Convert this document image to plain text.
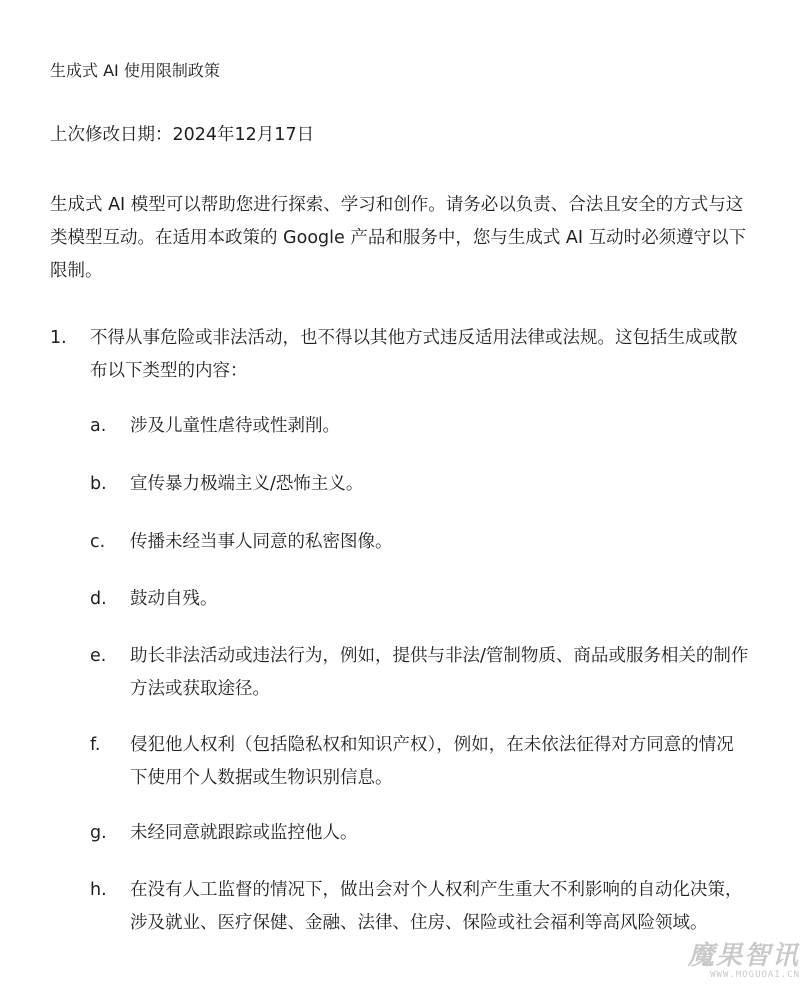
生成式 AI 使用限制政策
上次修改日期：2024年12月17日
生成式 AI 模型可以帮助您进行探索、学习和创作。请务必以负责、合法且安全的方式与这类模型互动。在适用本政策的 Google 产品和服务中，您与生成式 AI 互动时必须遵守以下限制。
1. 不得从事危险或非法活动，也不得以其他方式违反适用法律或法规。这包括生成或散布以下类型的内容：
a.	涉及儿童性虐待或性剥削。
b.	宣传暴力极端主义/恐怖主义。
c.	传播未经当事人同意的私密图像。
d.	鼓动自残。
e.	助长非法活动或违法行为，例如，提供与非法/管制物质、商品或服务相关的制作方法或获取途径。
f.	侵犯他人权利（包括隐私权和知识产权），例如，在未依法征得对方同意的情况下使用个人数据或生物识别信息。
g.	未经同意就跟踪或监控他人。
h.	在没有人工监督的情况下，做出会对个人权利产生重大不利影响的自动化决策，涉及就业、医疗保健、金融、法律、住房、保险或社会福利等高风险领域。
魔果智讯
WWW.MOGUOAI.CN
